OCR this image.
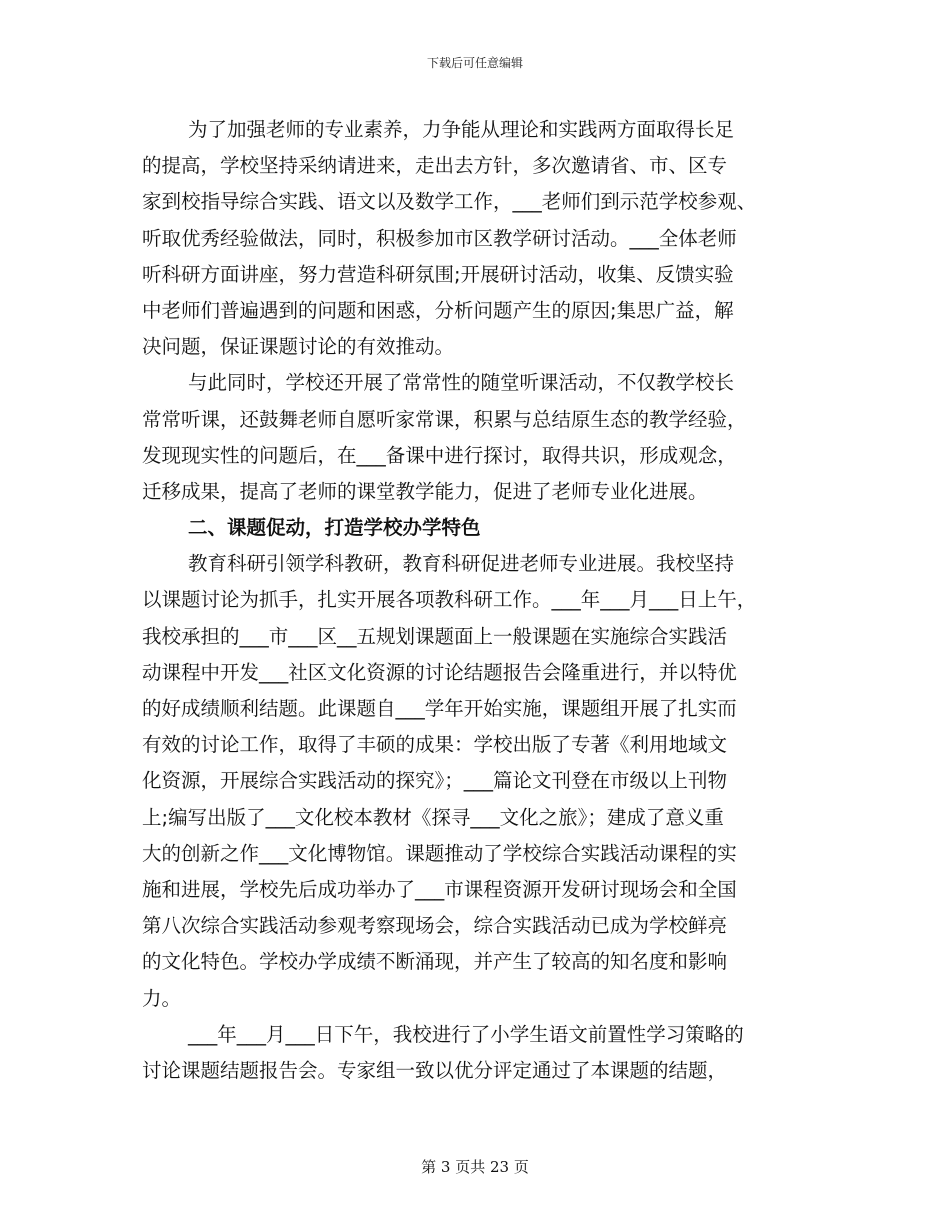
下载后可任意编辑
为了加强老师的专业素养，力争能从理论和实践两方面取得长足
的提高，学校坚持采纳请进来，走出去方针，多次邀请省、市、区专
家到校指导综合实践、语文以及数学工作，___老师们到示范学校参观、
听取优秀经验做法，同时，积极参加市区教学研讨活动。___全体老师
听科研方面讲座，努力营造科研氛围;开展研讨活动，收集、反馈实验
中老师们普遍遇到的问题和困惑，分析问题产生的原因;集思广益，解
决问题，保证课题讨论的有效推动。
与此同时，学校还开展了常常性的随堂听课活动，不仅教学校长
常常听课，还鼓舞老师自愿听家常课，积累与总结原生态的教学经验，
发现现实性的问题后，在___备课中进行探讨，取得共识，形成观念，
迁移成果，提高了老师的课堂教学能力，促进了老师专业化进展。
二、课题促动，打造学校办学特色
教育科研引领学科教研，教育科研促进老师专业进展。我校坚持
以课题讨论为抓手，扎实开展各项教科研工作。___年___月___日上午，
我校承担的___市___区__五规划课题面上一般课题在实施综合实践活
动课程中开发___社区文化资源的讨论结题报告会隆重进行，并以特优
的好成绩顺利结题。此课题自___学年开始实施，课题组开展了扎实而
有效的讨论工作，取得了丰硕的成果：学校出版了专著《利用地域文
化资源，开展综合实践活动的探究》；___篇论文刊登在市级以上刊物
上;编写出版了___文化校本教材《探寻___文化之旅》；建成了意义重
大的创新之作___文化博物馆。课题推动了学校综合实践活动课程的实
施和进展，学校先后成功举办了___市课程资源开发研讨现场会和全国
第八次综合实践活动参观考察现场会，综合实践活动已成为学校鲜亮
的文化特色。学校办学成绩不断涌现，并产生了较高的知名度和影响
力。
___年___月___日下午，我校进行了小学生语文前置性学习策略的
讨论课题结题报告会。专家组一致以优分评定通过了本课题的结题，
第 3 页共 23 页
